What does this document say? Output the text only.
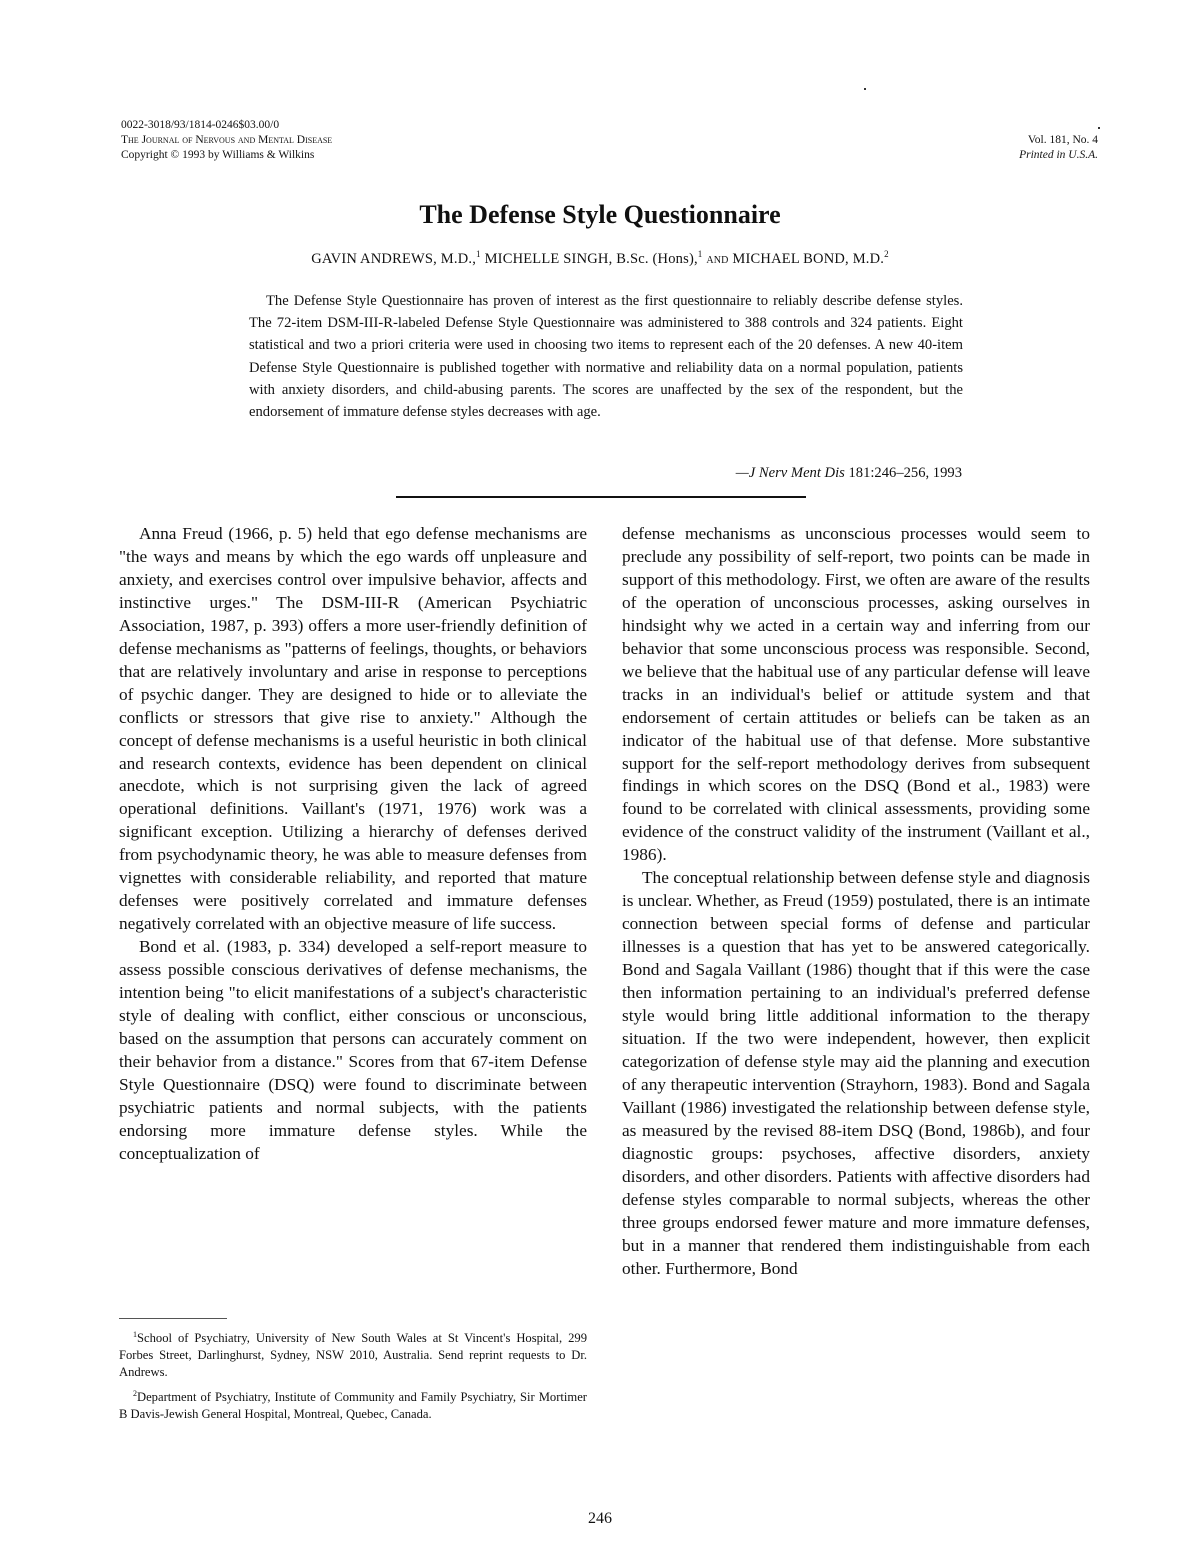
0022-3018/93/1814-0246$03.00/0
The Journal of Nervous and Mental Disease
Copyright © 1993 by Williams & Wilkins
Vol. 181, No. 4
Printed in U.S.A.
The Defense Style Questionnaire
GAVIN ANDREWS, M.D.,$^1$ MICHELLE SINGH, B.Sc. (Hons),$^1$ and MICHAEL BOND, M.D.$^2$

The Defense Style Questionnaire has proven of interest as the first questionnaire to reliably describe defense styles. The 72-item DSM-III-R-labeled Defense Style Questionnaire was administered to 388 controls and 324 patients. Eight statistical and two a priori criteria were used in choosing two items to represent each of the 20 defenses. A new 40-item Defense Style Questionnaire is published together with normative and reliability data on a normal population, patients with anxiety disorders, and child-abusing parents. The scores are unaffected by the sex of the respondent, but the endorsement of immature defense styles decreases with age.

—J Nerv Ment Dis 181:246–256, 1993

Anna Freud (1966, p. 5) held that ego defense mechanisms are "the ways and means by which the ego wards off unpleasure and anxiety, and exercises control over impulsive behavior, affects and instinctive urges." The DSM-III-R (American Psychiatric Association, 1987, p. 393) offers a more user-friendly definition of defense mechanisms as "patterns of feelings, thoughts, or behaviors that are relatively involuntary and arise in response to perceptions of psychic danger. They are designed to hide or to alleviate the conflicts or stressors that give rise to anxiety." Although the concept of defense mechanisms is a useful heuristic in both clinical and research contexts, evidence has been dependent on clinical anecdote, which is not surprising given the lack of agreed operational definitions. Vaillant's (1971, 1976) work was a significant exception. Utilizing a hierarchy of defenses derived from psychodynamic theory, he was able to measure defenses from vignettes with considerable reliability, and reported that mature defenses were positively correlated and immature defenses negatively correlated with an objective measure of life success.

Bond et al. (1983, p. 334) developed a self-report measure to assess possible conscious derivatives of defense mechanisms, the intention being "to elicit manifestations of a subject's characteristic style of dealing with conflict, either conscious or unconscious, based on the assumption that persons can accurately comment on their behavior from a distance." Scores from that 67-item Defense Style Questionnaire (DSQ) were found to discriminate between psychiatric patients and normal subjects, with the patients endorsing more immature defense styles. While the conceptualization of

defense mechanisms as unconscious processes would seem to preclude any possibility of self-report, two points can be made in support of this methodology. First, we often are aware of the results of the operation of unconscious processes, asking ourselves in hindsight why we acted in a certain way and inferring from our behavior that some unconscious process was responsible. Second, we believe that the habitual use of any particular defense will leave tracks in an individual's belief or attitude system and that endorsement of certain attitudes or beliefs can be taken as an indicator of the habitual use of that defense. More substantive support for the self-report methodology derives from subsequent findings in which scores on the DSQ (Bond et al., 1983) were found to be correlated with clinical assessments, providing some evidence of the construct validity of the instrument (Vaillant et al., 1986).

The conceptual relationship between defense style and diagnosis is unclear. Whether, as Freud (1959) postulated, there is an intimate connection between special forms of defense and particular illnesses is a question that has yet to be answered categorically. Bond and Sagala Vaillant (1986) thought that if this were the case then information pertaining to an individual's preferred defense style would bring little additional information to the therapy situation. If the two were independent, however, then explicit categorization of defense style may aid the planning and execution of any therapeutic intervention (Strayhorn, 1983). Bond and Sagala Vaillant (1986) investigated the relationship between defense style, as measured by the revised 88-item DSQ (Bond, 1986b), and four diagnostic groups: psychoses, affective disorders, anxiety disorders, and other disorders. Patients with affective disorders had defense styles comparable to normal subjects, whereas the other three groups endorsed fewer mature and more immature defenses, but in a manner that rendered them indistinguishable from each other. Furthermore, Bond

$^1$School of Psychiatry, University of New South Wales at St Vincent's Hospital, 299 Forbes Street, Darlinghurst, Sydney, NSW 2010, Australia. Send reprint requests to Dr. Andrews.

$^2$Department of Psychiatry, Institute of Community and Family Psychiatry, Sir Mortimer B Davis-Jewish General Hospital, Montreal, Quebec, Canada.

246
